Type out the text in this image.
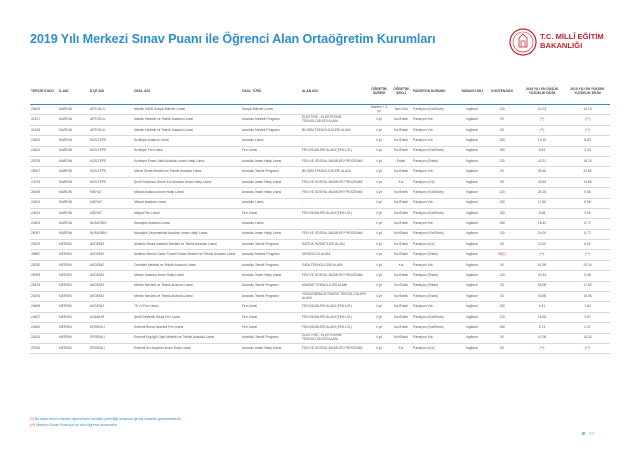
2019 Yılı Merkezi Sınav Puanı ile Öğrenci Alan Ortaöğretim Kurumları	T.C. MİLLÎ EĞİTİM
BAKANLIĞI
TERCİH KODU	İL ADI	İLÇE ADI	OKUL ADI	OKUL TÜRÜ	ALAN ADI	ÖĞRETİM SÜRESİ	ÖĞRETİM ŞEKLİ	PANSİYON DURUMU	YABANCI DİLİ	KONTENJANI	2019 YILI EN DÜŞÜK YÜZDELİK DİLİM	2019 YILI EN YÜKSEK YÜZDELİK DİLİM
25402	MARDİN	ARTUKLU	Mardin İMKB Sosyal Bilimler Lisesi	Sosyal Bilimler Lisesi	-	Hazırlık + 4 yıl	Tam Gün	Pansiyon (Kız/Erkek)	İngilizce	120	24.23	14.19
31517	MARDİN	ARTUKLU	Mardin Mesleki ve Teknik Anadolu Lisesi	Anadolu Meslek Programı	ELEKTRİK - ELEKTRONİK TEKNOLOJİLERİ ALANI	4 yıl	Kız/Erkek	Pansiyon Yok	İngilizce	90	(**)	(**)
31518	MARDİN	ARTUKLU	Mardin Mesleki ve Teknik Anadolu Lisesi	Anadolu Meslek Programı	BİLİŞİM TEKNOLOJİLERİ ALANI	4 yıl	Kız/Erkek	Pansiyon Yok	İngilizce	50	(**)	(**)
24402	MARDİN	KIZILTEPE	Kızıltepe Anadolu Lisesi	Anadolu Lisesi	-	4 yıl	Kız/Erkek	Pansiyon Yok	İngilizce	150	15.10	8.89
24812	MARDİN	KIZILTEPE	Kızıltepe Fen Lisesi	Fen Lisesi	FEN BİLİMLERİ ALANI (FEN LİS.)	4 yıl	Kız/Erkek	Pansiyon (Kız/Erkek)	İngilizce	150	8.64	3.43
25793	MARDİN	KIZILTEPE	Kızıltepe Ensar Vakfı Anadolu İmam Hatip Lisesi	Anadolu İmam Hatip Lisesi	FEN VE SOSYAL BİLİMLER PROGRAMI	4 yıl	Erkek	Pansiyon (Erkek)	İngilizce	120	43.31	18.76
25527	MARDİN	KIZILTEPE	Mimar Sinan Mesleki ve Teknik Anadolu Lisesi	Anadolu Teknik Programı	BİLİŞİM TEKNOLOJİLERİ ALANI	4 yıl	Kız/Erkek	Pansiyon Yok	İngilizce	30	35.48	20.85
24794	MARDİN	KIZILTEPE	Şehit Seyitmus Demir Kız Anadolu İmam Hatip Lisesi	Anadolu İmam Hatip Lisesi	FEN VE SOSYAL BİLİMLER PROGRAMI	4 yıl	Kız	Pansiyon (Kız)	İngilizce	90	33.64	13.66
26098	MARDİN	MİDYAT	Midyat Anadolu İmam Hatip Lisesi	Anadolu İmam Hatip Lisesi	FEN VE SOSYAL BİLİMLER PROGRAMI	4 yıl	Kız/Erkek	Pansiyon (Kız/Erkek)	İngilizce	120	24.18	5.58
24404	MARDİN	MİDYAT	Midyat Anadolu Lisesi	Anadolu Lisesi	-	4 yıl	Kız/Erkek	Pansiyon Yok	İngilizce	150	17.60	8.86
24612	MARDİN	MİDYAT	Midyat Fen Lisesi	Fen Lisesi	FEN BİLİMLERİ ALANI (FEN LİS.)	4 yıl	Kız/Erkek	Pansiyon (Kız/Erkek)	İngilizce	150	8.58	3.05
24403	MARDİN	NUSAYBİN	Nusaybin Anadolu Lisesi	Anadolu Lisesi	-	4 yıl	Kız/Erkek	Pansiyon Yok	İngilizce	150	18.42	6.72
26097	MARDİN	NUSAYBİN	Nusaybin Zeynelabidin Anadolu İmam Hatip Lisesi	Anadolu İmam Hatip Lisesi	FEN VE SOSYAL BİLİMLER PROGRAMI	4 yıl	Kız/Erkek	Pansiyon (Kız/Erkek)	İngilizce	120	24.00	8.72
25229	MERSİN	AKDENİZ	Akdeniz Borsa İstanbul Mesleki ve Teknik Anadolu Lisesi	Anadolu Teknik Programı	SAĞLIK HİZMETLERİ ALANI	4 yıl	Kız/Erkek	Pansiyon (Kız)	İngilizce	30	20.20	8.01
30887	MERSİN	AKDENİZ	Akdeniz Mersin Deniz Ticaret Odası Mesleki ve Teknik Anadolu Lisesi	Anadolu Meslek Programı	DENİZCİLİK ALANI	4 yıl	Kız/Erkek	Pansiyon (Erkek)	İngilizce	90(*)	(**)	(**)
25230	MERSİN	AKDENİZ	Cemilser Mesleki ve Teknik Anadolu Lisesi	Anadolu Teknik Programı	GIDA TEKNOLOJİSİ ALANI	4 yıl	Kız	Pansiyon Yok	İngilizce	30	61.95	25.34
25099	MERSİN	AKDENİZ	Mersin Anadolu İmam Hatip Lisesi	Anadolu İmam Hatip Lisesi	FEN VE SOSYAL BİLİMLER PROGRAMI	4 yıl	Kız/Erkek	Pansiyon (Erkek)	İngilizce	120	34.44	5.48
25233	MERSİN	AKDENİZ	Mersin Mesleki ve Teknik Anadolu Lisesi	Anadolu Teknik Programı	MAKİNE TEKNOLOJİSİ ALANI	4 yıl	Kız/Erkek	Pansiyon (Erkek)	İngilizce	30	55.98	17.53
25234	MERSİN	AKDENİZ	Mersin Mesleki ve Teknik Anadolu Lisesi	Anadolu Teknik Programı	YENİLENEBİLİR ENERJİ TEKNOLOJİLERİ ALANI	4 yıl	Kız/Erkek	Pansiyon (Erkek)	İngilizce	30	53.68	16.56
24608	MERSİN	AKDENİZ	75.Yıl Fen Lisesi	Fen Lisesi	FEN BİLİMLERİ ALANI (FEN LİS.)	4 yıl	Kız/Erkek	Pansiyon Yok	İngilizce	150	4.41	1.63
24607	MERSİN	ANAMUR	Şehit Seyfettin Altıok Fen Lisesi	Fen Lisesi	FEN BİLİMLERİ ALANI (FEN LİS.)	4 yıl	Kız/Erkek	Pansiyon (Kız/Erkek)	İngilizce	120	15.48	3.97
24640	MERSİN	ERDEMLİ	Erdemli Borsa İstanbul Fen Lisesi	Fen Lisesi	FEN BİLİMLERİ ALANI (FEN LİS.)	4 yıl	Kız/Erkek	Pansiyon (Kız/Erkek)	İngilizce	150	8.73	2.37
25243	MERSİN	ERDEMLİ	Erdemli Ergöğlü Ogel Mesleki ve Teknik Anadolu Lisesi	Anadolu Teknik Programı	ELEKTRİK - ELEKTRONİK TEKNOLOJİLERİ ALANI	4 yıl	Kız/Erkek	Pansiyon Yok	İngilizce	30	47.08	15.20
25784	MERSİN	ERDEMLİ	Erdemli Kız Anadolu İmam Hatip Lisesi	Anadolu İmam Hatip Lisesi	FEN VE SOSYAL BİLİMLER PROGRAMI	4 yıl	Kız	Pansiyon (Kız)	İngilizce	60	(**)	(**)
(*) Bu alanı tercih edecek öğrencilerin mesleki yeterliliği sınavına girmiş olmaları gerekmektedir.
(**) Merkezi Sınav Puanıyla bu okul öğrenci alınacaktır.
97
